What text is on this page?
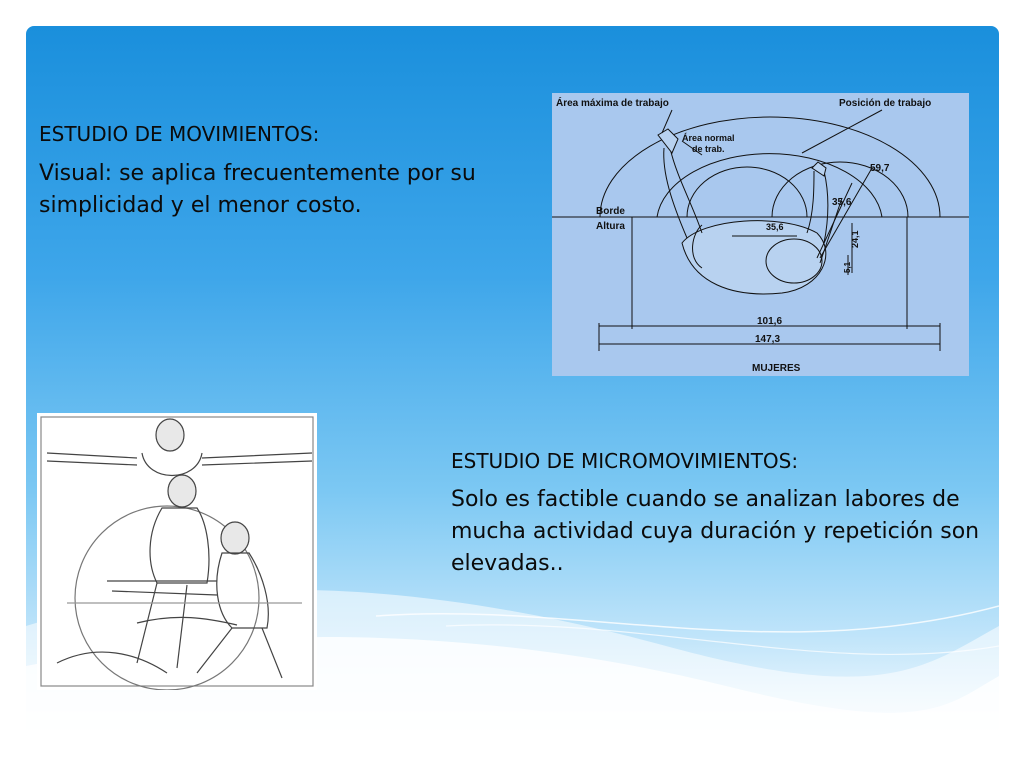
ESTUDIO DE MOVIMIENTOS:
Visual: se aplica frecuentemente por su simplicidad y el menor costo.
ESTUDIO DE MICROMOVIMIENTOS:
Solo es factible cuando se analizan labores de mucha actividad cuya duración y repetición son elevadas..
Área máxima de trabajo	Posición de trabajo
Área normal
de trab.
Borde
Altura
59,7
35,6
35,6
24,1
5,1
101,6
147,3
MUJERES
